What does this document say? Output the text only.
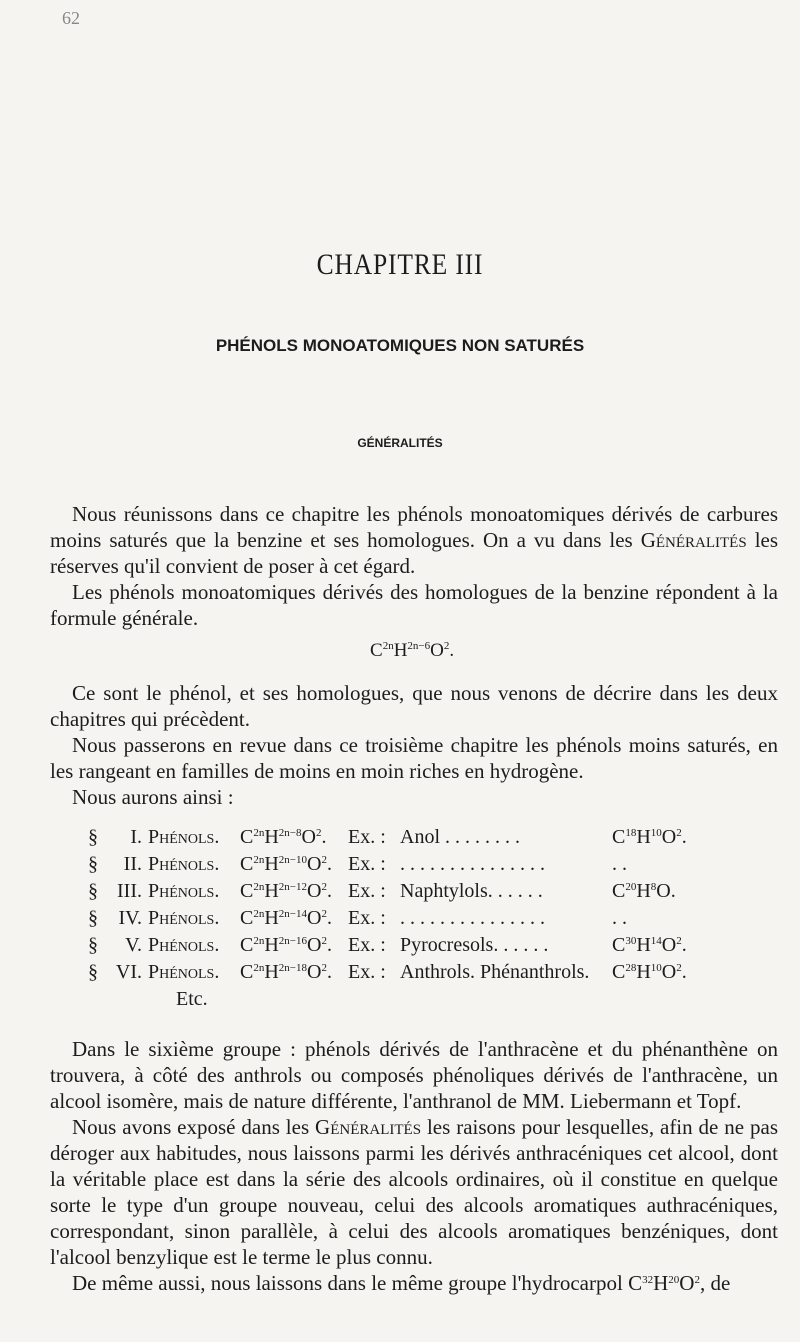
62
CHAPITRE III
PHÉNOLS MONOATOMIQUES NON SATURÉS
GÉNÉRALITÉS

Nous réunissons dans ce chapitre les phénols monoatomiques dérivés de carbures moins saturés que la benzine et ses homologues. On a vu dans les Généralités les réserves qu'il convient de poser à cet égard.

Les phénols monoatomiques dérivés des homologues de la benzine répondent à la formule générale.

$C^{2n}H^{2n-6}O^2$.

Ce sont le phénol, et ses homologues, que nous venons de décrire dans les deux chapitres qui précèdent.

Nous passerons en revue dans ce troisième chapitre les phénols moins saturés, en les rangeant en familles de moins en moin riches en hydrogène.

Nous aurons ainsi :

§	I. Phénols.	$C^{2n}H^{2n-8}O^2$.	Ex. : Anol . . . . . . . .	$C^{18}H^{10}O^2$.
§	II. Phénols.	$C^{2n}H^{2n-10}O^2$. Ex. : . . . . . . . . . . . . . . .	. .
§ III. Phénols.	$C^{2n}H^{2n-12}O^2$. Ex. : Naphtylols. . . . . .	$C^{20}H^8O$.
§	IV. Phénols.	$C^{2n}H^{2n-14}O^2$. Ex. : . . . . . . . . . . . . . . .	. .
§	V. Phénols.	$C^{2n}H^{2n-16}O^2$. Ex. : Pyrocresols. . . . . .	$C^{30}H^{14}O^2$.
§ VI. Phénols.	$C^{2n}H^{2n-18}O^2$. Ex. : Anthrols. Phénanthrols.	$C^{28}H^{10}O^2$.
Etc.

Dans le sixième groupe : phénols dérivés de l'anthracène et du phénanthène on trouvera, à côté des anthrols ou composés phénoliques dérivés de l'anthracène, un alcool isomère, mais de nature différente, l'anthranol de MM. Liebermann et Topf.

Nous avons exposé dans les Généralités les raisons pour lesquelles, afin de ne pas déroger aux habitudes, nous laissons parmi les dérivés anthracéniques cet alcool, dont la véritable place est dans la série des alcools ordinaires, où il constitue en quelque sorte le type d'un groupe nouveau, celui des alcools aromatiques authracéniques, correspondant, sinon parallèle, à celui des alcools aromatiques benzéniques, dont l'alcool benzylique est le terme le plus connu.

De même aussi, nous laissons dans le même groupe l'hydrocarpol $C^{32}H^{20}O^2$, de
